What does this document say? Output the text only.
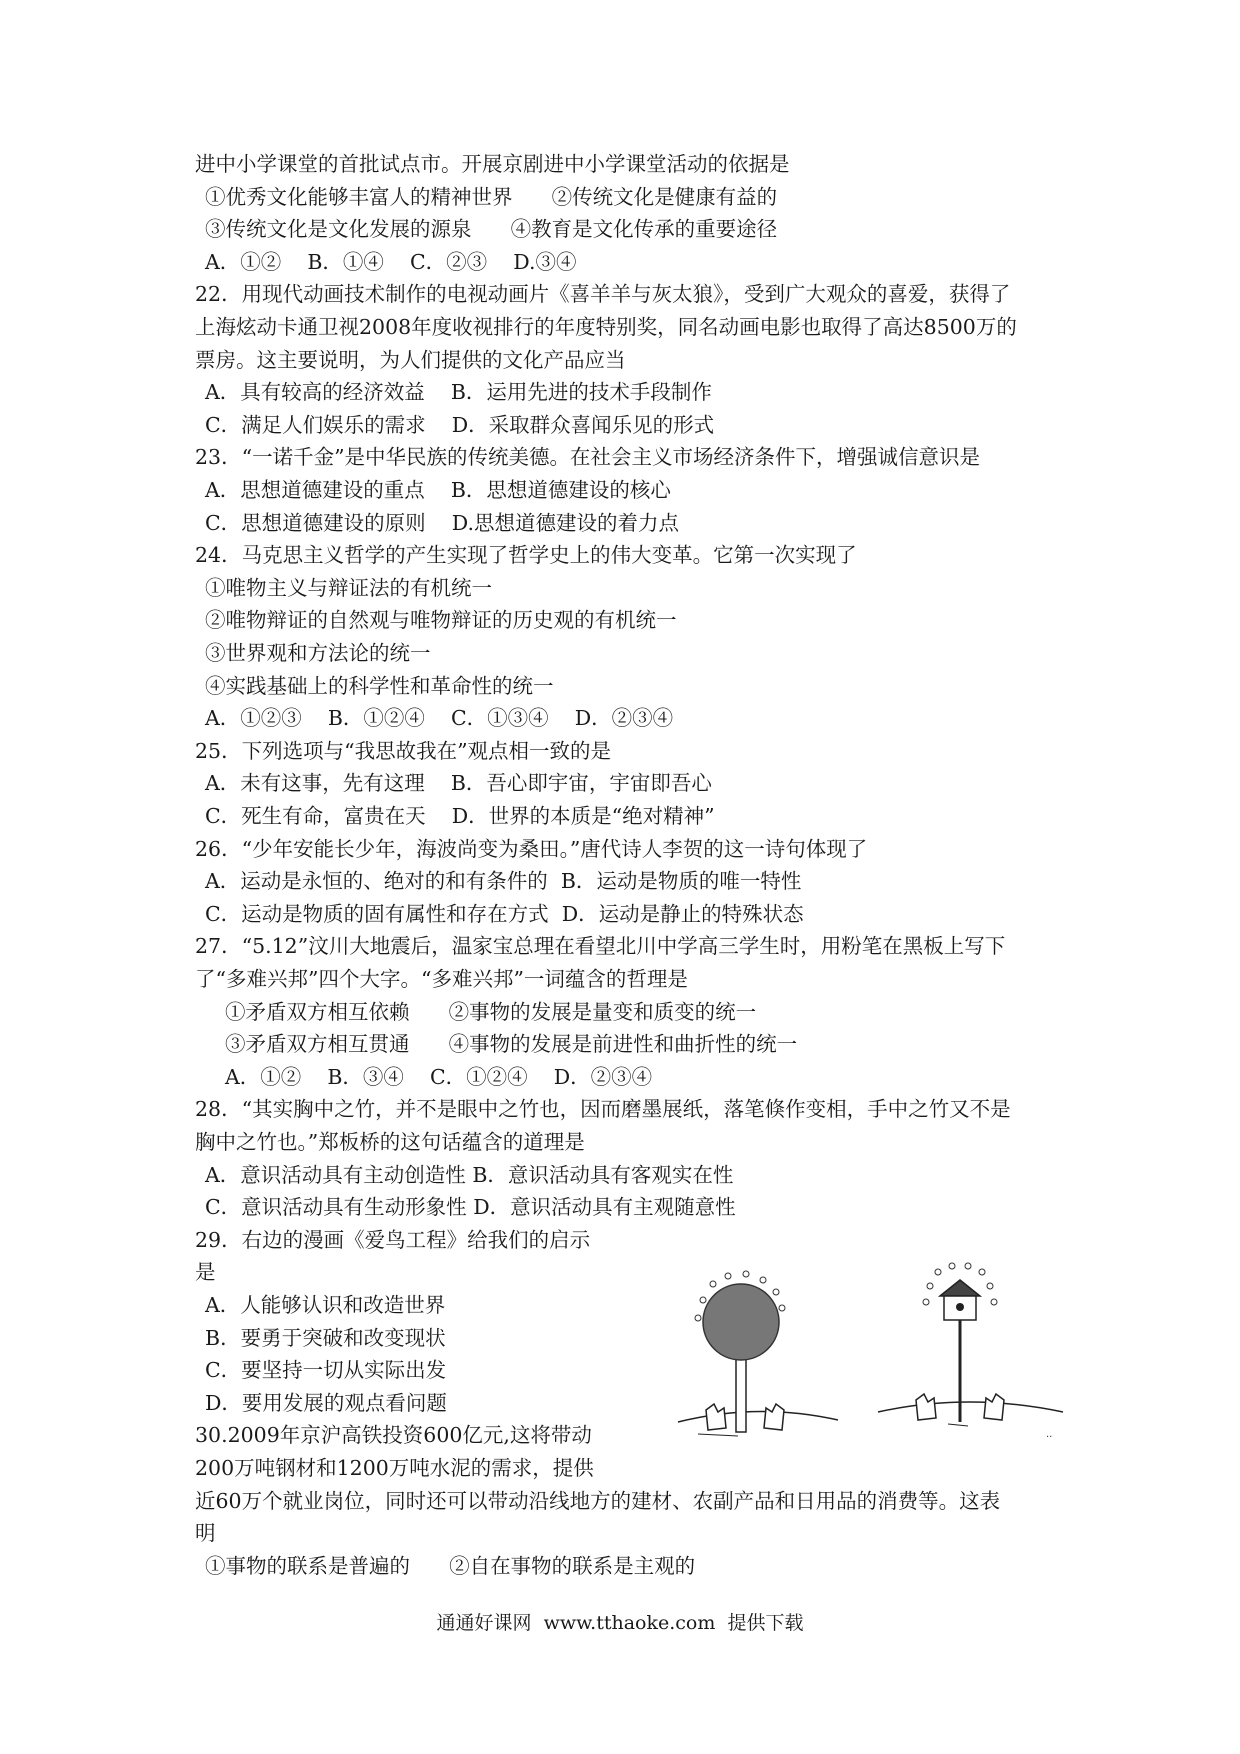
进中小学课堂的首批试点市。开展京剧进中小学课堂活动的依据是
①优秀文化能够丰富人的精神世界      ②传统文化是健康有益的
③传统文化是文化发展的源泉      ④教育是文化传承的重要途径
A．①②    B．①④    C．②③    D.③④
22．用现代动画技术制作的电视动画片《喜羊羊与灰太狼》，受到广大观众的喜爱，获得了
上海炫动卡通卫视2008年度收视排行的年度特别奖，同名动画电影也取得了高达8500万的
票房。这主要说明，为人们提供的文化产品应当
A．具有较高的经济效益    B．运用先进的技术手段制作
C．满足人们娱乐的需求    D．采取群众喜闻乐见的形式
23．“一诺千金”是中华民族的传统美德。在社会主义市场经济条件下，增强诚信意识是
A．思想道德建设的重点    B．思想道德建设的核心
C．思想道德建设的原则    D.思想道德建设的着力点
24．马克思主义哲学的产生实现了哲学史上的伟大变革。它第一次实现了
①唯物主义与辩证法的有机统一
②唯物辩证的自然观与唯物辩证的历史观的有机统一
③世界观和方法论的统一
④实践基础上的科学性和革命性的统一
A．①②③    B．①②④    C．①③④    D．②③④
25．下列选项与“我思故我在”观点相一致的是
A．未有这事，先有这理    B．吾心即宇宙，宇宙即吾心
C．死生有命，富贵在天    D．世界的本质是“绝对精神”
26．“少年安能长少年，海波尚变为桑田。”唐代诗人李贺的这一诗句体现了
A．运动是永恒的、绝对的和有条件的  B．运动是物质的唯一特性
C．运动是物质的固有属性和存在方式  D．运动是静止的特殊状态
27．“5.12”汶川大地震后，温家宝总理在看望北川中学高三学生时，用粉笔在黑板上写下
了“多难兴邦”四个大字。“多难兴邦”一词蕴含的哲理是
①矛盾双方相互依赖      ②事物的发展是量变和质变的统一
③矛盾双方相互贯通      ④事物的发展是前进性和曲折性的统一
A．①②    B．③④    C．①②④    D．②③④
28．“其实胸中之竹，并不是眼中之竹也，因而磨墨展纸，落笔倏作变相，手中之竹又不是
胸中之竹也。”郑板桥的这句话蕴含的道理是
A．意识活动具有主动创造性 B．意识活动具有客观实在性
C．意识活动具有生动形象性 D．意识活动具有主观随意性
29．右边的漫画《爱鸟工程》给我们的启示
是
A．人能够认识和改造世界
B．要勇于突破和改变现状
C．要坚持一切从实际出发
D．要用发展的观点看问题
30.2009年京沪高铁投资600亿元,这将带动
200万吨钢材和1200万吨水泥的需求，提供
近60万个就业岗位，同时还可以带动沿线地方的建材、农副产品和日用品的消费等。这表
明
①事物的联系是普遍的      ②自在事物的联系是主观的
··
通通好课网  www.tthaoke.com  提供下载
